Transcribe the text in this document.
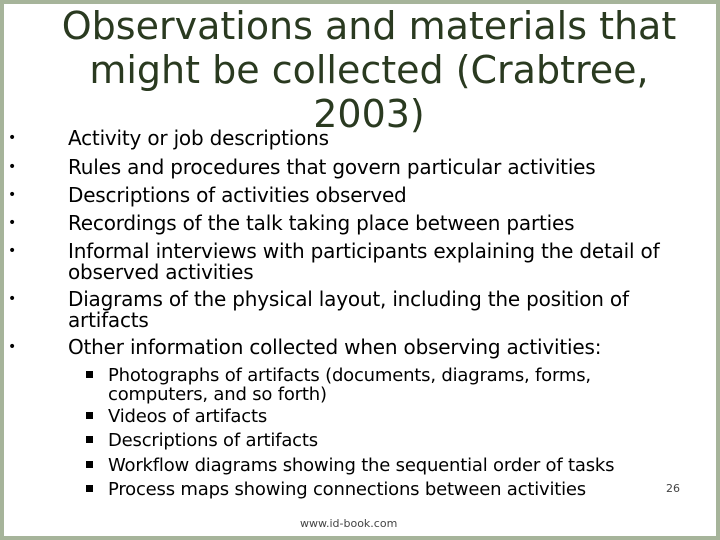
Observations and materials that might be collected (Crabtree, 2003)
•	Activity or job descriptions
•	Rules and procedures that govern particular activities
•	Descriptions of activities observed
•	Recordings of the talk taking place between parties
•	Informal interviews with participants explaining the detail of observed activities
•	Diagrams of the physical layout, including the position of artifacts
•	Other information collected when observing activities:
Photographs of artifacts (documents, diagrams, forms, computers, and so forth)
Videos of artifacts
Descriptions of artifacts
Workflow diagrams showing the sequential order of tasks
Process maps showing connections between activities
www.id-book.com
26
